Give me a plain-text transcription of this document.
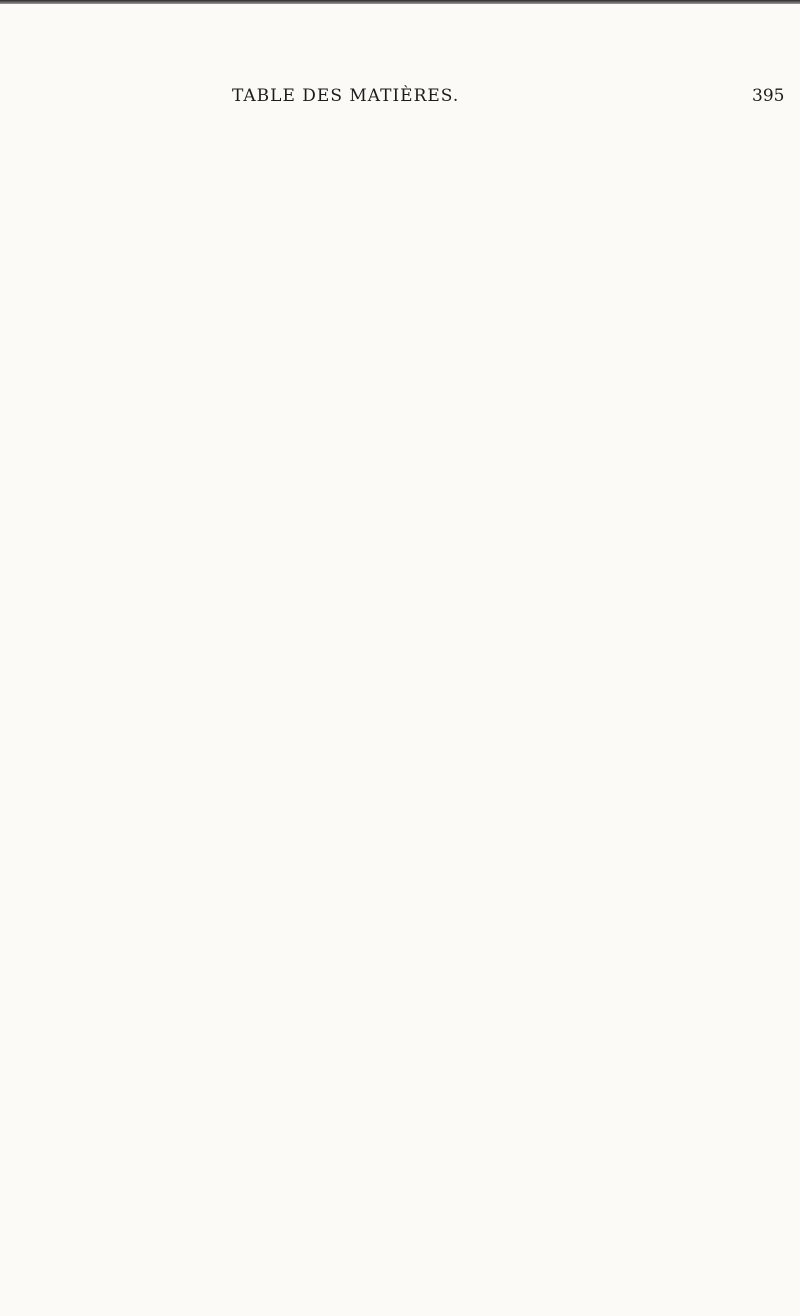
TABLE DES MATIÈRES.	395
